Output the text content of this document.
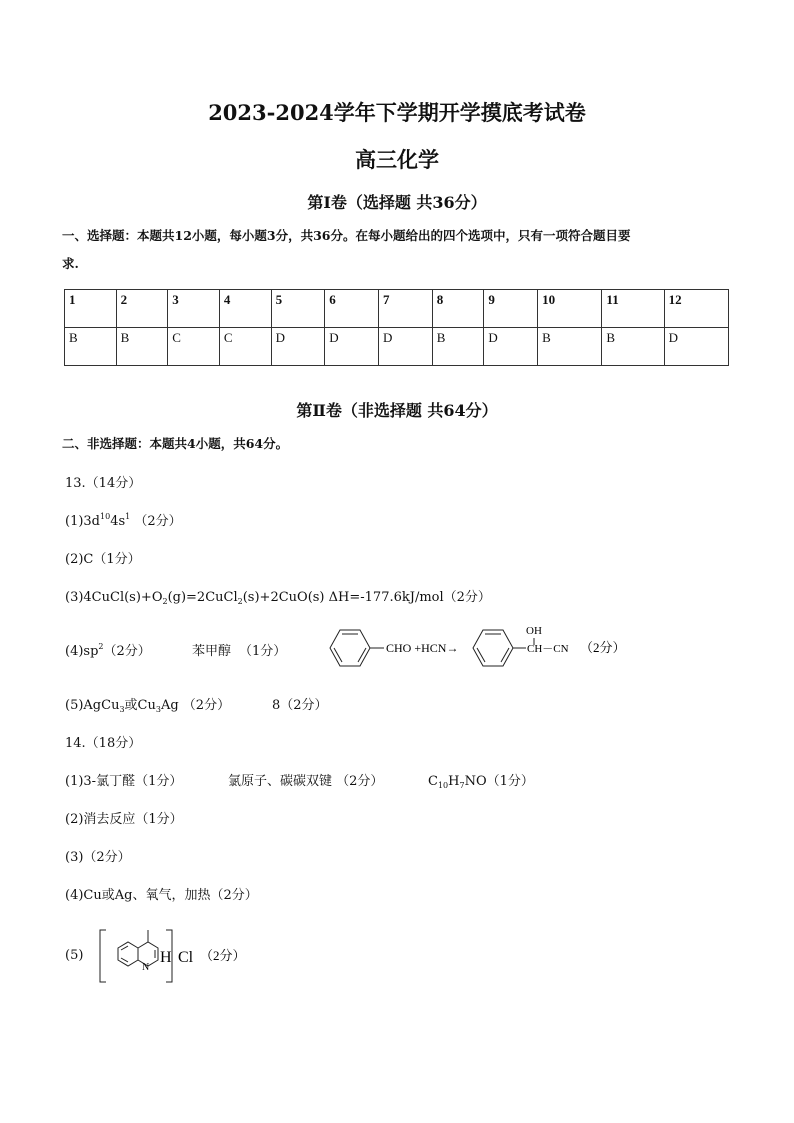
2023-2024学年下学期开学摸底考试卷
高三化学
第Ⅰ卷（选择题 共36分）
一、选择题：本题共12小题，每小题3分，共36分。在每小题给出的四个选项中，只有一项符合题目要
求.
1	2	3	4	5	6	7	8	9	10	11	12
B	B	C	C	D	D	D	B	D	B	B	D
第Ⅱ卷（非选择题 共64分）
二、非选择题：本题共4小题，共64分。
13.（14分）
$(1)3d^{10}4s^1$ （2分）
(2)C（1分）
$(3)4CuCl(s)+O_2(g)=2CuCl_2(s)+2CuO(s)$ ΔH=-177.6kJ/mol（2分）
$(4)sp^2(2$分）	苯甲醇 （1分）	CHO +HCN→
OH
CH－CN （2分）
(5)AgCu$_3$或$Cu_3Ag$ （2分）	8（2分）
14.（18分）
(1)3-氯丁醛（1分）	氯原子、碳碳双键 （2分）	$C_{10}H_7NO(1$分）
(2)消去反应（1分）
(3)（2分）
(4)Cu或Ag、氧气，加热（2分）
(5)
N
H Cl （2分）
